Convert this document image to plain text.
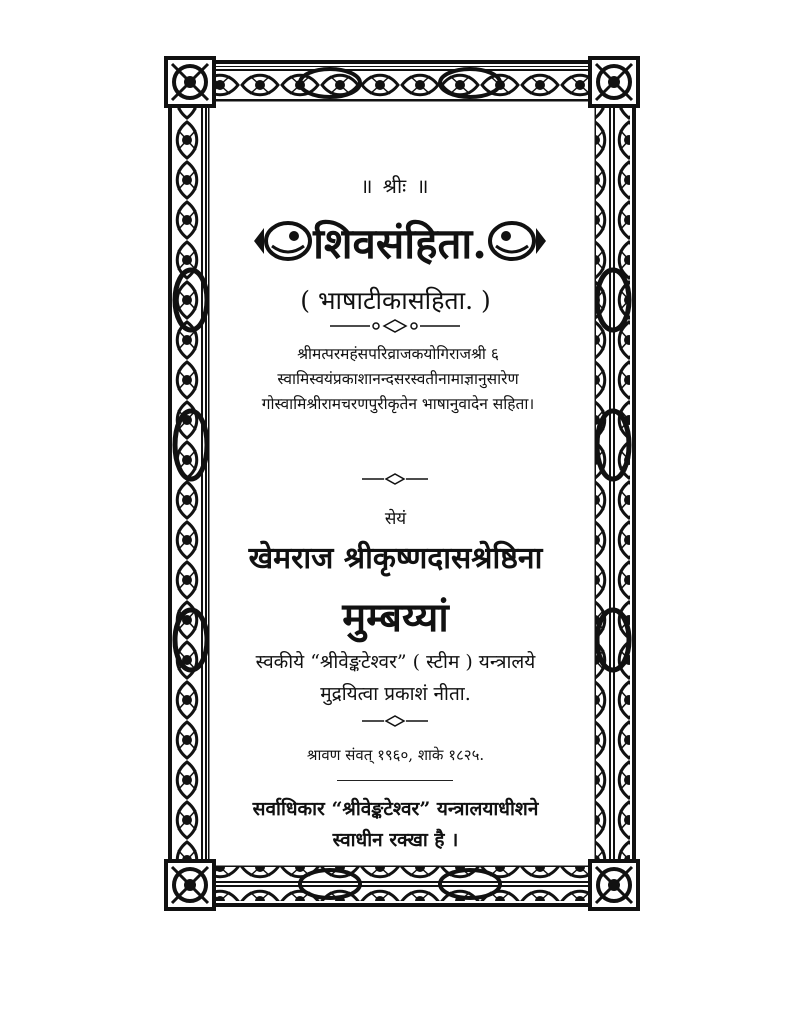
॥ श्रीः ॥
शिवसंहिता.
( भाषाटीकासहिता. )
श्रीमत्परमहंसपरिव्राजकयोगिराजश्री ६ स्वामिस्वयंप्रकाशानन्दसरस्वतीनामाज्ञानुसारेण गोस्वामिश्रीरामचरणपुरीकृतेन भाषानुवादेन सहिता।
सेयं
खेमराज श्रीकृष्णदासश्रेष्ठिना
मुम्बय्यां
स्वकीये “श्रीवेङ्कटेश्वर” ( स्टीम ) यन्त्रालये
मुद्रयित्वा प्रकाशं नीता.
श्रावण संवत् १९६०, शाके १८२५.
सर्वाधिकार “श्रीवेङ्कटेश्वर” यन्त्रालयाधीशने
स्वाधीन रक्खा है ।
